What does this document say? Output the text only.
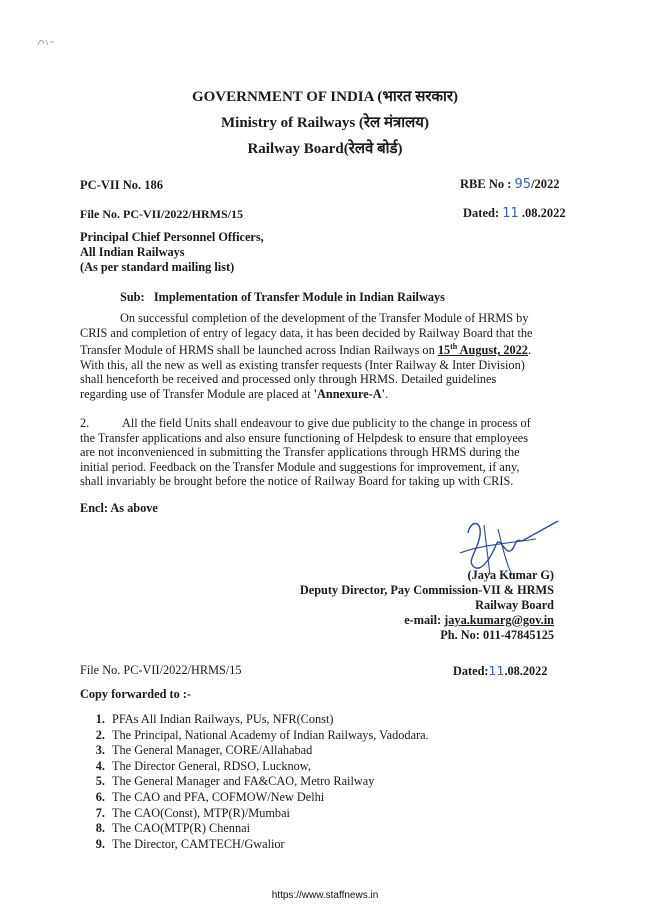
GOVERNMENT OF INDIA (भारत सरकार)
Ministry of Railways (रेल मंत्रालय)
Railway Board(रेलवे बोर्ड)
PC-VII No. 186	RBE No : 95/2022
File No. PC-VII/2022/HRMS/15	Dated: 11 .08.2022
Principal Chief Personnel Officers,
All Indian Railways
(As per standard mailing list)
Sub: Implementation of Transfer Module in Indian Railways
On successful completion of the development of the Transfer Module of HRMS by
CRIS and completion of entry of legacy data, it has been decided by Railway Board that the
Transfer Module of HRMS shall be launched across Indian Railways on 15th August, 2022.
With this, all the new as well as existing transfer requests (Inter Railway & Inter Division)
shall henceforth be received and processed only through HRMS. Detailed guidelines
regarding use of Transfer Module are placed at 'Annexure-A'.
2.	All the field Units shall endeavour to give due publicity to the change in process of
the Transfer applications and also ensure functioning of Helpdesk to ensure that employees
are not inconvenienced in submitting the Transfer applications through HRMS during the
initial period. Feedback on the Transfer Module and suggestions for improvement, if any,
shall invariably be brought before the notice of Railway Board for taking up with CRIS.
Encl: As above
(Jaya Kumar G)
Deputy Director, Pay Commission-VII & HRMS
Railway Board
e-mail: jaya.kumarg@gov.in
Ph. No: 011-47845125
File No. PC-VII/2022/HRMS/15	Dated:11.08.2022
Copy forwarded to :-
1. PFAs All Indian Railways, PUs, NFR(Const)
2. The Principal, National Academy of Indian Railways, Vadodara.
3. The General Manager, CORE/Allahabad
4. The Director General, RDSO, Lucknow,
5. The General Manager and FA&CAO, Metro Railway
6. The CAO and PFA, COFMOW/New Delhi
7. The CAO(Const), MTP(R)/Mumbai
8. The CAO(MTP(R) Chennai
9. The Director, CAMTECH/Gwalior
https://www.staffnews.in
